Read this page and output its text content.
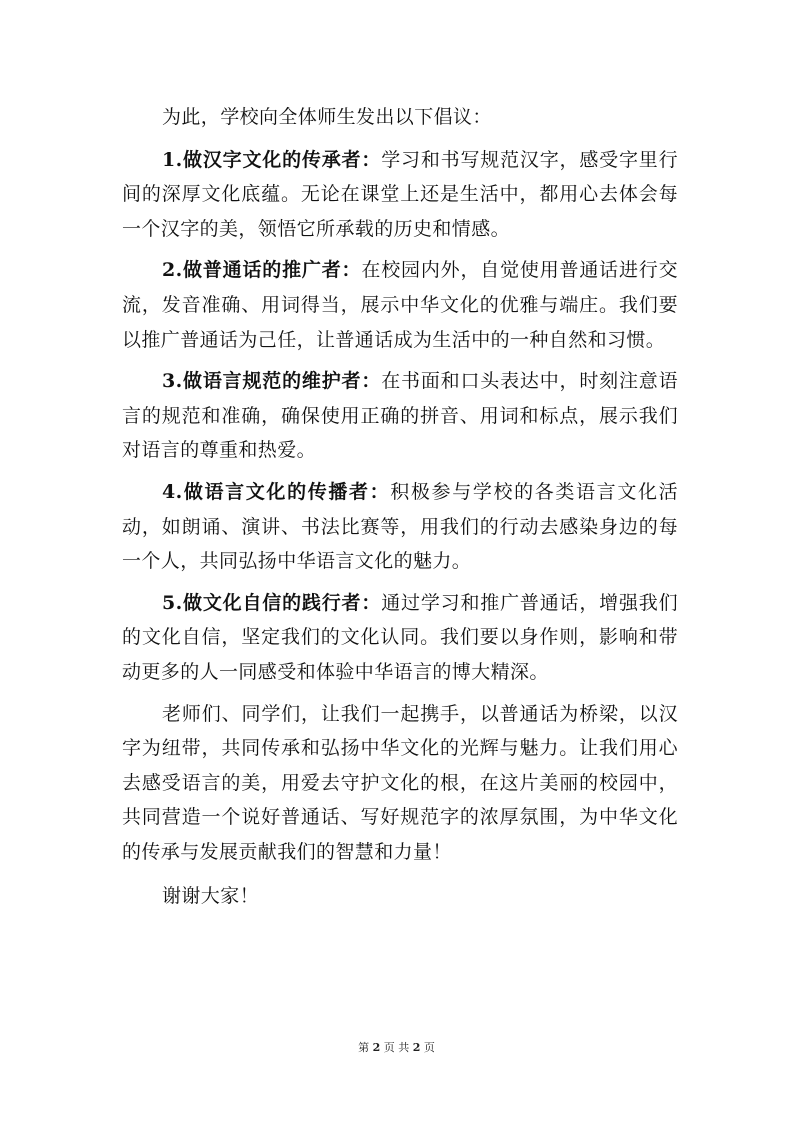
为此，学校向全体师生发出以下倡议：

1.做汉字文化的传承者：学习和书写规范汉字，感受字里行间的深厚文化底蕴。无论在课堂上还是生活中，都用心去体会每一个汉字的美，领悟它所承载的历史和情感。

2.做普通话的推广者：在校园内外，自觉使用普通话进行交流，发音准确、用词得当，展示中华文化的优雅与端庄。我们要以推广普通话为己任，让普通话成为生活中的一种自然和习惯。

3.做语言规范的维护者：在书面和口头表达中，时刻注意语言的规范和准确，确保使用正确的拼音、用词和标点，展示我们对语言的尊重和热爱。

4.做语言文化的传播者：积极参与学校的各类语言文化活动，如朗诵、演讲、书法比赛等，用我们的行动去感染身边的每一个人，共同弘扬中华语言文化的魅力。

5.做文化自信的践行者：通过学习和推广普通话，增强我们的文化自信，坚定我们的文化认同。我们要以身作则，影响和带动更多的人一同感受和体验中华语言的博大精深。

老师们、同学们，让我们一起携手，以普通话为桥梁，以汉字为纽带，共同传承和弘扬中华文化的光辉与魅力。让我们用心去感受语言的美，用爱去守护文化的根，在这片美丽的校园中，共同营造一个说好普通话、写好规范字的浓厚氛围，为中华文化的传承与发展贡献我们的智慧和力量！

谢谢大家！

第 2 页 共 2 页
